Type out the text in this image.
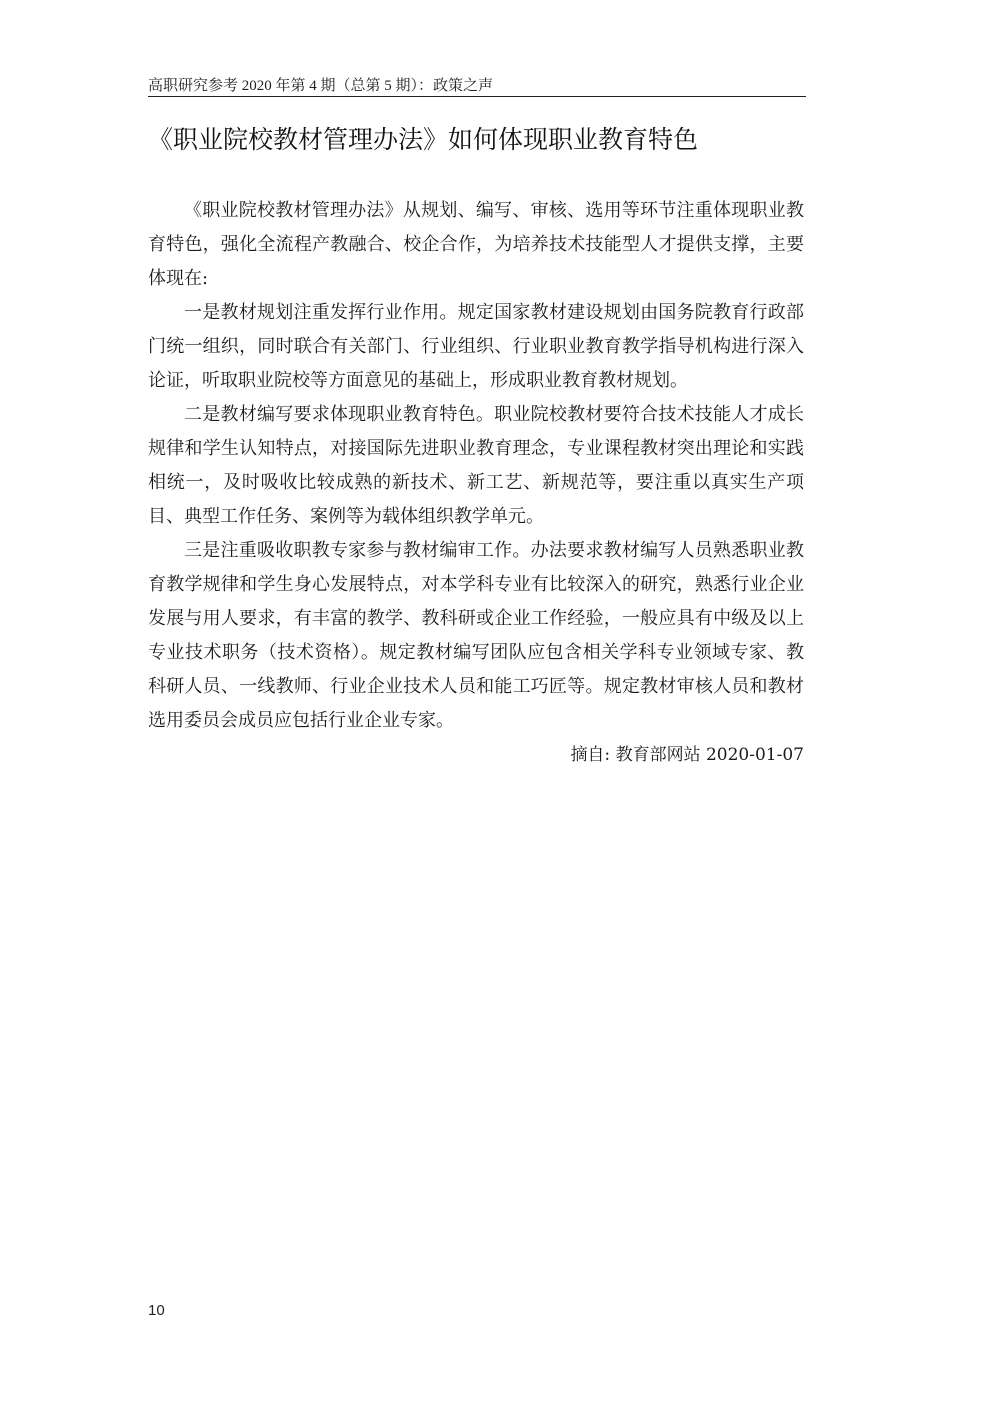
高职研究参考 2020 年第 4 期（总第 5 期）：政策之声
《职业院校教材管理办法》如何体现职业教育特色

《职业院校教材管理办法》从规划、编写、审核、选用等环节注重体现职业教育特色，强化全流程产教融合、校企合作，为培养技术技能型人才提供支撑，主要体现在:

一是教材规划注重发挥行业作用。规定国家教材建设规划由国务院教育行政部门统一组织，同时联合有关部门、行业组织、行业职业教育教学指导机构进行深入论证，听取职业院校等方面意见的基础上，形成职业教育教材规划。

二是教材编写要求体现职业教育特色。职业院校教材要符合技术技能人才成长规律和学生认知特点，对接国际先进职业教育理念，专业课程教材突出理论和实践相统一，及时吸收比较成熟的新技术、新工艺、新规范等，要注重以真实生产项目、典型工作任务、案例等为载体组织教学单元。

三是注重吸收职教专家参与教材编审工作。办法要求教材编写人员熟悉职业教育教学规律和学生身心发展特点，对本学科专业有比较深入的研究，熟悉行业企业发展与用人要求，有丰富的教学、教科研或企业工作经验，一般应具有中级及以上专业技术职务（技术资格）。规定教材编写团队应包含相关学科专业领域专家、教科研人员、一线教师、行业企业技术人员和能工巧匠等。规定教材审核人员和教材选用委员会成员应包括行业企业专家。

摘自: 教育部网站 2020-01-07

10
